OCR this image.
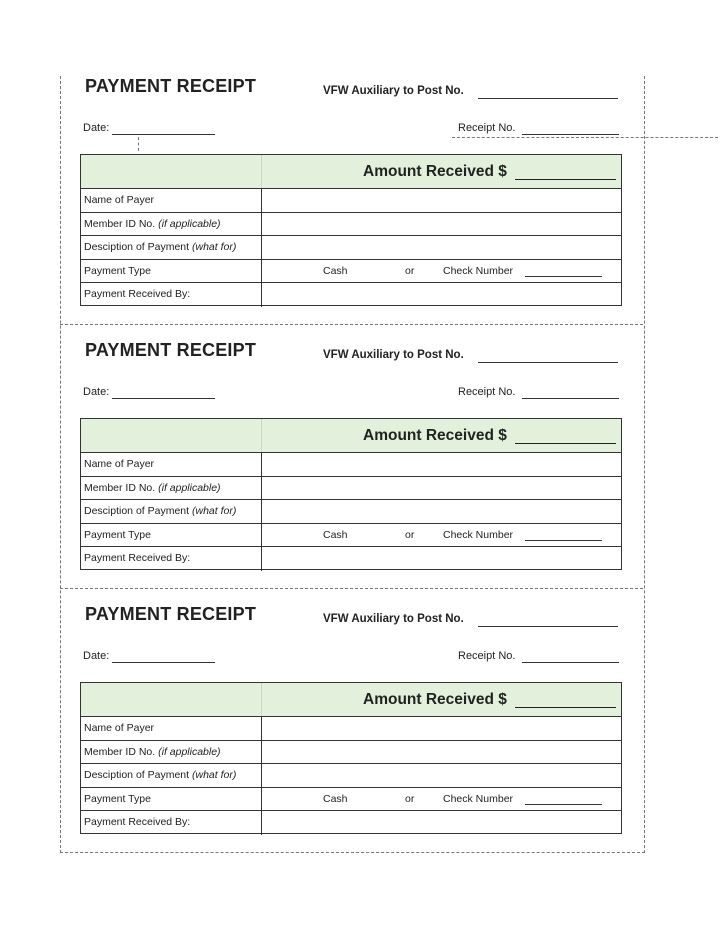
PAYMENT RECEIPT	VFW Auxiliary to Post No.
Date:	Receipt No.
Amount Received $
Name of Payer
Member ID No. (if applicable)
Desciption of Payment (what for)
Payment Type	Cash	or	Check Number
Payment Received By:
PAYMENT RECEIPT	VFW Auxiliary to Post No.
Date:	Receipt No.
Amount Received $
Name of Payer
Member ID No. (if applicable)
Desciption of Payment (what for)
Payment Type	Cash	or	Check Number
Payment Received By:
PAYMENT RECEIPT	VFW Auxiliary to Post No.
Date:	Receipt No.
Amount Received $
Name of Payer
Member ID No. (if applicable)
Desciption of Payment (what for)
Payment Type	Cash	or	Check Number
Payment Received By:
